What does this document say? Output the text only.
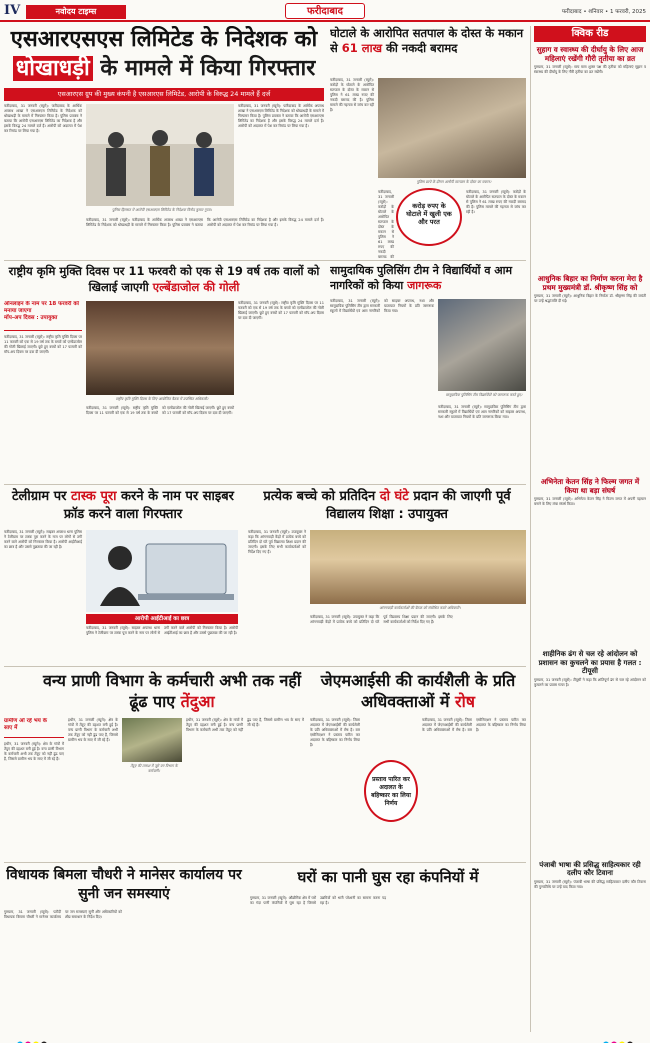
IV	नवोदय टाइम्स	फरीदाबाद	फरीदाबाद • शनिवार • 1 फरवरी, 2025
एसआरएसएस लिमिटेड के निदेशक को
धोखाधड़ी के मामले में किया गिरफ्तार
एसआरएस ग्रुप की मुख्य कंपनी है एसआरएस लिमिटेड, आरोपी के विरुद्ध 24 मामले हैं दर्ज
फरीदाबाद, 31 जनवरी (ब्यूरो): फरीदाबाद के आर्थिक अपराध शाखा ने एसआरएस लिमिटेड के निदेशक को धोखाधड़ी के मामले में गिरफ्तार किया है। पुलिस प्रवक्ता ने बताया कि आरोपी एसआरएस लिमिटेड का निदेशक है और इसके विरुद्ध 24 मामले दर्ज हैं। आरोपी को अदालत में पेश कर रिमांड पर लिया गया है।
पुलिस हिरासत में आरोपी एसआरएस लिमिटेड के निदेशक विनोद कुमार गुप्ता।
फरीदाबाद, 31 जनवरी (ब्यूरो): फरीदाबाद के आर्थिक अपराध शाखा ने एसआरएस लिमिटेड के निदेशक को धोखाधड़ी के मामले में गिरफ्तार किया है। पुलिस प्रवक्ता ने बताया कि आरोपी एसआरएस लिमिटेड का निदेशक है और इसके विरुद्ध 24 मामले दर्ज हैं। आरोपी को अदालत में पेश कर रिमांड पर लिया गया है।
फरीदाबाद, 31 जनवरी (ब्यूरो): फरीदाबाद के आर्थिक अपराध शाखा ने एसआरएस लिमिटेड के निदेशक को धोखाधड़ी के मामले में गिरफ्तार किया है। पुलिस प्रवक्ता ने बताया कि आरोपी एसआरएस लिमिटेड का निदेशक है और इसके विरुद्ध 24 मामले दर्ज हैं। आरोपी को अदालत में पेश कर रिमांड पर लिया गया है।
घोटाले के आरोपित सतपाल के दोस्त के मकान से 61 लाख की नकदी बरामद
फरीदाबाद, 31 जनवरी (ब्यूरो): करोड़ों के घोटाले के आरोपित सतपाल के दोस्त के मकान से पुलिस ने 61 लाख रुपए की नकदी बरामद की है। पुलिस मामले की गहनता से जांच कर रही है।
पुलिस छापे के दौरान आरोपी सतपाल के दोस्त का मकान।
करोड़ रुपए के घोटाले में खुली एक और परत
फरीदाबाद, 31 जनवरी (ब्यूरो): करोड़ों के घोटाले के आरोपित सतपाल के दोस्त के मकान से पुलिस ने 61 लाख रुपए की नकदी बरामद की
फरीदाबाद, 31 जनवरी (ब्यूरो): करोड़ों के घोटाले के आरोपित सतपाल के दोस्त के मकान से पुलिस ने 61 लाख रुपए की नकदी बरामद की है। पुलिस मामले की गहनता से जांच कर रही है।
राष्ट्रीय कृमि मुक्ति दिवस पर 11 फरवरी को एक से 19 वर्ष तक वालों को खिलाई जाएगी एल्बेंडाजोल की गोली
ऑनलाइन के नाम पर 18 फरवरी को मनाया जाएगा
मॉप-अप दिवस : उपायुक्त
फरीदाबाद, 31 जनवरी (ब्यूरो): राष्ट्रीय कृमि मुक्ति दिवस पर 11 फरवरी को एक से 19 वर्ष तक के बच्चों को एल्बेंडाजोल की गोली खिलाई जाएगी। छूटे हुए बच्चों को 17 फरवरी को मॉप-अप दिवस पर दवा दी जाएगी।
राष्ट्रीय कृमि मुक्ति दिवस के लिए आयोजित बैठक में उपस्थित अधिकारी।
फरीदाबाद, 31 जनवरी (ब्यूरो): राष्ट्रीय कृमि मुक्ति दिवस पर 11 फरवरी को एक से 19 वर्ष तक के बच्चों को एल्बेंडाजोल की गोली खिलाई जाएगी। छूटे हुए बच्चों को 17 फरवरी को मॉप-अप दिवस पर दवा दी जाएगी।
फरीदाबाद, 31 जनवरी (ब्यूरो): राष्ट्रीय कृमि मुक्ति दिवस पर 11 फरवरी को एक से 19 वर्ष तक के बच्चों को एल्बेंडाजोल की गोली खिलाई जाएगी। छूटे हुए बच्चों को 17 फरवरी को मॉप-अप दिवस पर दवा दी जाएगी।
सामुदायिक पुलिसिंग टीम ने विद्यार्थियों व आम नागरिकों को किया जागरूक
फरीदाबाद, 31 जनवरी (ब्यूरो): सामुदायिक पुलिसिंग टीम द्वारा सरकारी स्कूलों में विद्यार्थियों एवं आम नागरिकों को साइबर अपराध, नशा और यातायात नियमों के प्रति जागरूक किया गया।
सामुदायिक पुलिसिंग टीम विद्यार्थियों को जागरूक करते हुए।
फरीदाबाद, 31 जनवरी (ब्यूरो): सामुदायिक पुलिसिंग टीम द्वारा सरकारी स्कूलों में विद्यार्थियों एवं आम नागरिकों को साइबर अपराध, नशा और यातायात नियमों के प्रति जागरूक किया गया।
टेलीग्राम पर टास्क पूरा करने के नाम पर साइबर फ्रॉड करने वाला गिरफ्तार
फरीदाबाद, 31 जनवरी (ब्यूरो): साइबर अपराध थाना पुलिस ने टेलीग्राम पर टास्क पूरा करने के नाम पर लोगों से ठगी करने वाले आरोपी को गिरफ्तार किया है। आरोपी आईटीआई का छात्र है और उससे पूछताछ की जा रही है।
आरोपी आईटीआई का छात्र
फरीदाबाद, 31 जनवरी (ब्यूरो): साइबर अपराध थाना पुलिस ने टेलीग्राम पर टास्क पूरा करने के नाम पर लोगों से ठगी करने वाले आरोपी को गिरफ्तार किया है। आरोपी आईटीआई का छात्र है और उससे पूछताछ की जा रही है।
प्रत्येक बच्चे को प्रतिदिन दो घंटे प्रदान की जाएगी पूर्व विद्यालय शिक्षा : उपायुक्त
फरीदाबाद, 31 जनवरी (ब्यूरो): उपायुक्त ने कहा कि आंगनवाड़ी केंद्रों में प्रत्येक बच्चे को प्रतिदिन दो घंटे पूर्व विद्यालय शिक्षा प्रदान की जाएगी। इसके लिए सभी कार्यकर्ताओं को निर्देश दिए गए हैं।
आंगनवाड़ी कार्यकर्ताओं की बैठक को संबोधित करते अधिकारी।
फरीदाबाद, 31 जनवरी (ब्यूरो): उपायुक्त ने कहा कि आंगनवाड़ी केंद्रों में प्रत्येक बच्चे को प्रतिदिन दो घंटे पूर्व विद्यालय शिक्षा प्रदान की जाएगी। इसके लिए सभी कार्यकर्ताओं को निर्देश दिए गए हैं।
वन्य प्राणी विभाग के कर्मचारी अभी तक नहीं ढूंढ पाए तेंदुआ
ग्रामीण ओ रहे भय के
साए में
हथीन, 31 जनवरी (ब्यूरो): क्षेत्र के गांवों में तेंदुए की दहशत बनी हुई है। वन्य प्राणी विभाग के कर्मचारी अभी तक तेंदुए को नहीं ढूंढ पाए हैं, जिससे ग्रामीण भय के साए में जी रहे हैं।
हथीन, 31 जनवरी (ब्यूरो): क्षेत्र के गांवों में तेंदुए की दहशत बनी हुई है। वन्य प्राणी विभाग के कर्मचारी अभी तक तेंदुए को नहीं ढूंढ पाए हैं, जिससे ग्रामीण भय के साए में जी रहे हैं।
तेंदुए की तलाश में जुटे वन विभाग के कर्मचारी।
हथीन, 31 जनवरी (ब्यूरो): क्षेत्र के गांवों में तेंदुए की दहशत बनी हुई है। वन्य प्राणी विभाग के कर्मचारी अभी तक तेंदुए को नहीं ढूंढ पाए हैं, जिससे ग्रामीण भय के साए में जी रहे हैं।
जेएमआईसी की कार्यशैली के प्रति अधिवक्ताओं में रोष
फरीदाबाद, 31 जनवरी (ब्यूरो): जिला अदालत में जेएमआईसी की कार्यशैली के प्रति अधिवक्ताओं में रोष है। बार एसोसिएशन ने प्रस्ताव पारित कर अदालत के बहिष्कार का निर्णय लिया है।
प्रस्ताव पारित कर अदालत के बहिष्कार का लिया निर्णय
फरीदाबाद, 31 जनवरी (ब्यूरो): जिला अदालत में जेएमआईसी की कार्यशैली के प्रति अधिवक्ताओं में रोष है। बार एसोसिएशन ने प्रस्ताव पारित कर अदालत के बहिष्कार का निर्णय लिया है।
विधायक बिमला चौधरी ने मानेसर कार्यालय पर सुनी जन समस्याएं
गुरुग्राम, 31 जनवरी (ब्यूरो): पटौदी विधायक बिमला चौधरी ने मानेसर कार्यालय पर जन समस्याएं सुनीं और अधिकारियों को शीघ्र समाधान के निर्देश दिए।
घरों का पानी घुस रहा कंपनियों में
गुरुग्राम, 31 जनवरी (ब्यूरो): औद्योगिक क्षेत्र में घरों का गंदा पानी कंपनियों में घुस रहा है जिससे उद्यमियों को भारी परेशानी का सामना करना पड़ रहा है।
क्विक रीड
सुहाग व स्वास्थ्य की दीर्घायु के लिए आज महिलाएं रखेंगी गौरी तृतीया का व्रत
गुरुग्राम, 31 जनवरी (ब्यूरो): माघ मास शुक्ल पक्ष की तृतीया को महिलाएं सुहाग व स्वास्थ्य की दीर्घायु के लिए गौरी तृतीया का व्रत रखेंगी।
आधुनिक बिहार का निर्माण करना मेरा है प्रथम मुख्यमंत्री डॉ. श्रीकृष्ण सिंह को
गुरुग्राम, 31 जनवरी (ब्यूरो): आधुनिक बिहार के निर्माता डॉ. श्रीकृष्ण सिंह की जयंती पर उन्हें श्रद्धांजलि दी गई।
अभिनेता केतन सिंह ने फिल्म जगत में किया था बड़ा संघर्ष
गुरुग्राम, 31 जनवरी (ब्यूरो): अभिनेता केतन सिंह ने फिल्म जगत में अपनी पहचान बनाने के लिए लंबा संघर्ष किया।
शाहीनिक ढंग से चल रहे आंदोलन को प्रशासन का कुचलने का प्रयास है गलत : टीयूसी
गुरुग्राम, 31 जनवरी (ब्यूरो): टीयूसी ने कहा कि शांतिपूर्ण ढंग से चल रहे आंदोलन को कुचलने का प्रयास गलत है।
पंजाबी भाषा की प्रसिद्ध साहित्यकार रही दलीप कौर टिवाना
गुरुग्राम, 31 जनवरी (ब्यूरो): पंजाबी भाषा की प्रसिद्ध साहित्यकार दलीप कौर टिवाना की पुण्यतिथि पर उन्हें याद किया गया।
